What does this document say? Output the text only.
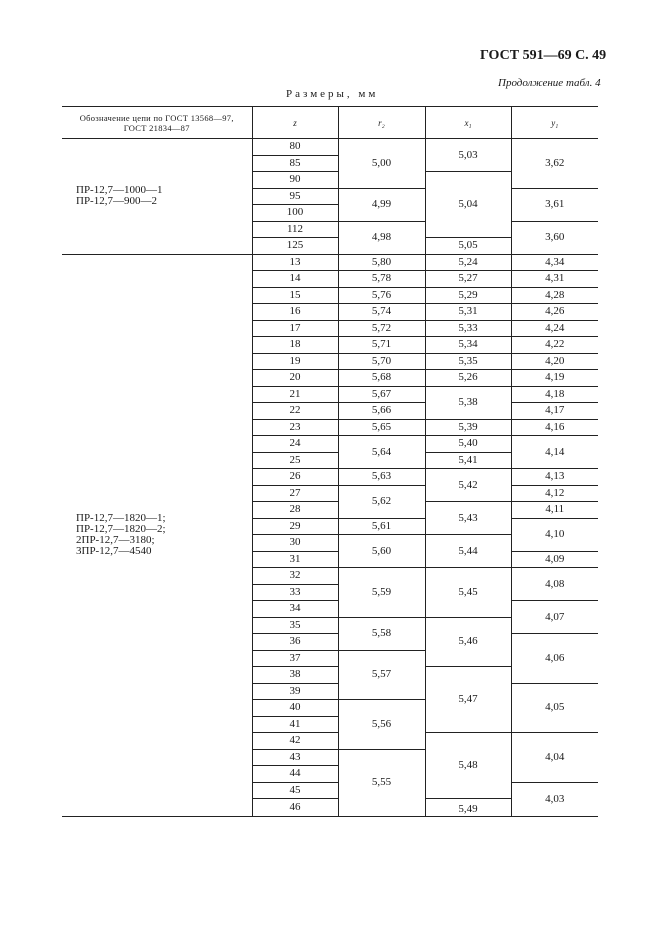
ГОСТ 591—69 С. 49
Продолжение табл. 4
Размеры, мм
Обозначение цепи по ГОСТ 13568—97,
ГОСТ 21834—87	z	r₂	x₁	y₁
ПР-12,7—1000—1
ПР-12,7—900—2	80	5,00	5,03	3,62
	85			
	90		5,04	
	95	4,99		3,61
	100			
	112	4,98		3,60
	125		5,05	
ПР-12,7—1820—1;
ПР-12,7—1820—2;
2ПР-12,7—3180;
3ПР-12,7—4540	13	5,80	5,24	4,34
	14	5,78	5,27	4,31
	15	5,76	5,29	4,28
	16	5,74	5,31	4,26
	17	5,72	5,33	4,24
	18	5,71	5,34	4,22
	19	5,70	5,35	4,20
	20	5,68	5,26	4,19
	21	5,67	5,38	4,18
	22	5,66		4,17
	23	5,65	5,39	4,16
	24	5,64	5,40	4,14
	25		5,41	
	26	5,63	5,42	4,13
	27	5,62		4,12
	28		5,43	4,11
	29	5,61		4,10
	30	5,60	5,44	
	31			4,09
	32	5,59	5,45	4,08
	33			
	34			4,07
	35	5,58	5,46	
	36			4,06
	37	5,57		
	38		5,47	
	39			4,05
	40	5,56		
	41			
	42		5,48	4,04
	43	5,55		
	44			
	45			4,03
	46		5,49	
